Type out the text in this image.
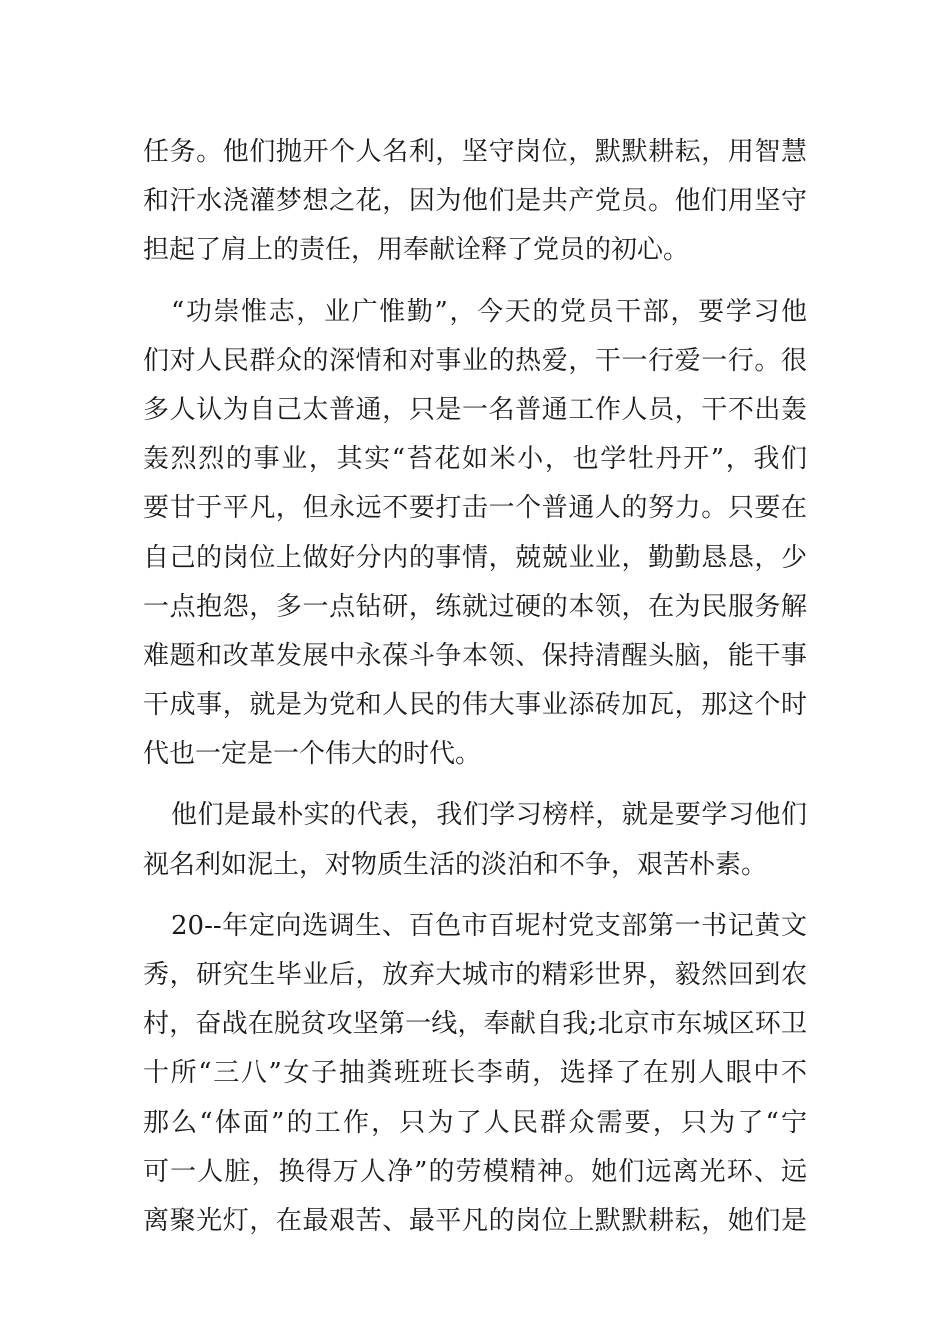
任务。他们抛开个人名利，坚守岗位，默默耕耘，用智慧
和汗水浇灌梦想之花，因为他们是共产党员。他们用坚守
担起了肩上的责任，用奉献诠释了党员的初心。
“功崇惟志，业广惟勤”，今天的党员干部，要学习他
们对人民群众的深情和对事业的热爱，干一行爱一行。很
多人认为自己太普通，只是一名普通工作人员，干不出轰
轰烈烈的事业，其实“苔花如米小，也学牡丹开”，我们
要甘于平凡，但永远不要打击一个普通人的努力。只要在
自己的岗位上做好分内的事情，兢兢业业，勤勤恳恳，少
一点抱怨，多一点钻研，练就过硬的本领，在为民服务解
难题和改革发展中永葆斗争本领、保持清醒头脑，能干事
干成事，就是为党和人民的伟大事业添砖加瓦，那这个时
代也一定是一个伟大的时代。
他们是最朴实的代表，我们学习榜样，就是要学习他们
视名利如泥土，对物质生活的淡泊和不争，艰苦朴素。
20--年定向选调生、百色市百坭村党支部第一书记黄文
秀，研究生毕业后，放弃大城市的精彩世界，毅然回到农
村，奋战在脱贫攻坚第一线，奉献自我;北京市东城区环卫
十所“三八”女子抽粪班班长李萌，选择了在别人眼中不
那么“体面”的工作，只为了人民群众需要，只为了“宁
可一人脏，换得万人净”的劳模精神。她们远离光环、远
离聚光灯，在最艰苦、最平凡的岗位上默默耕耘，她们是
